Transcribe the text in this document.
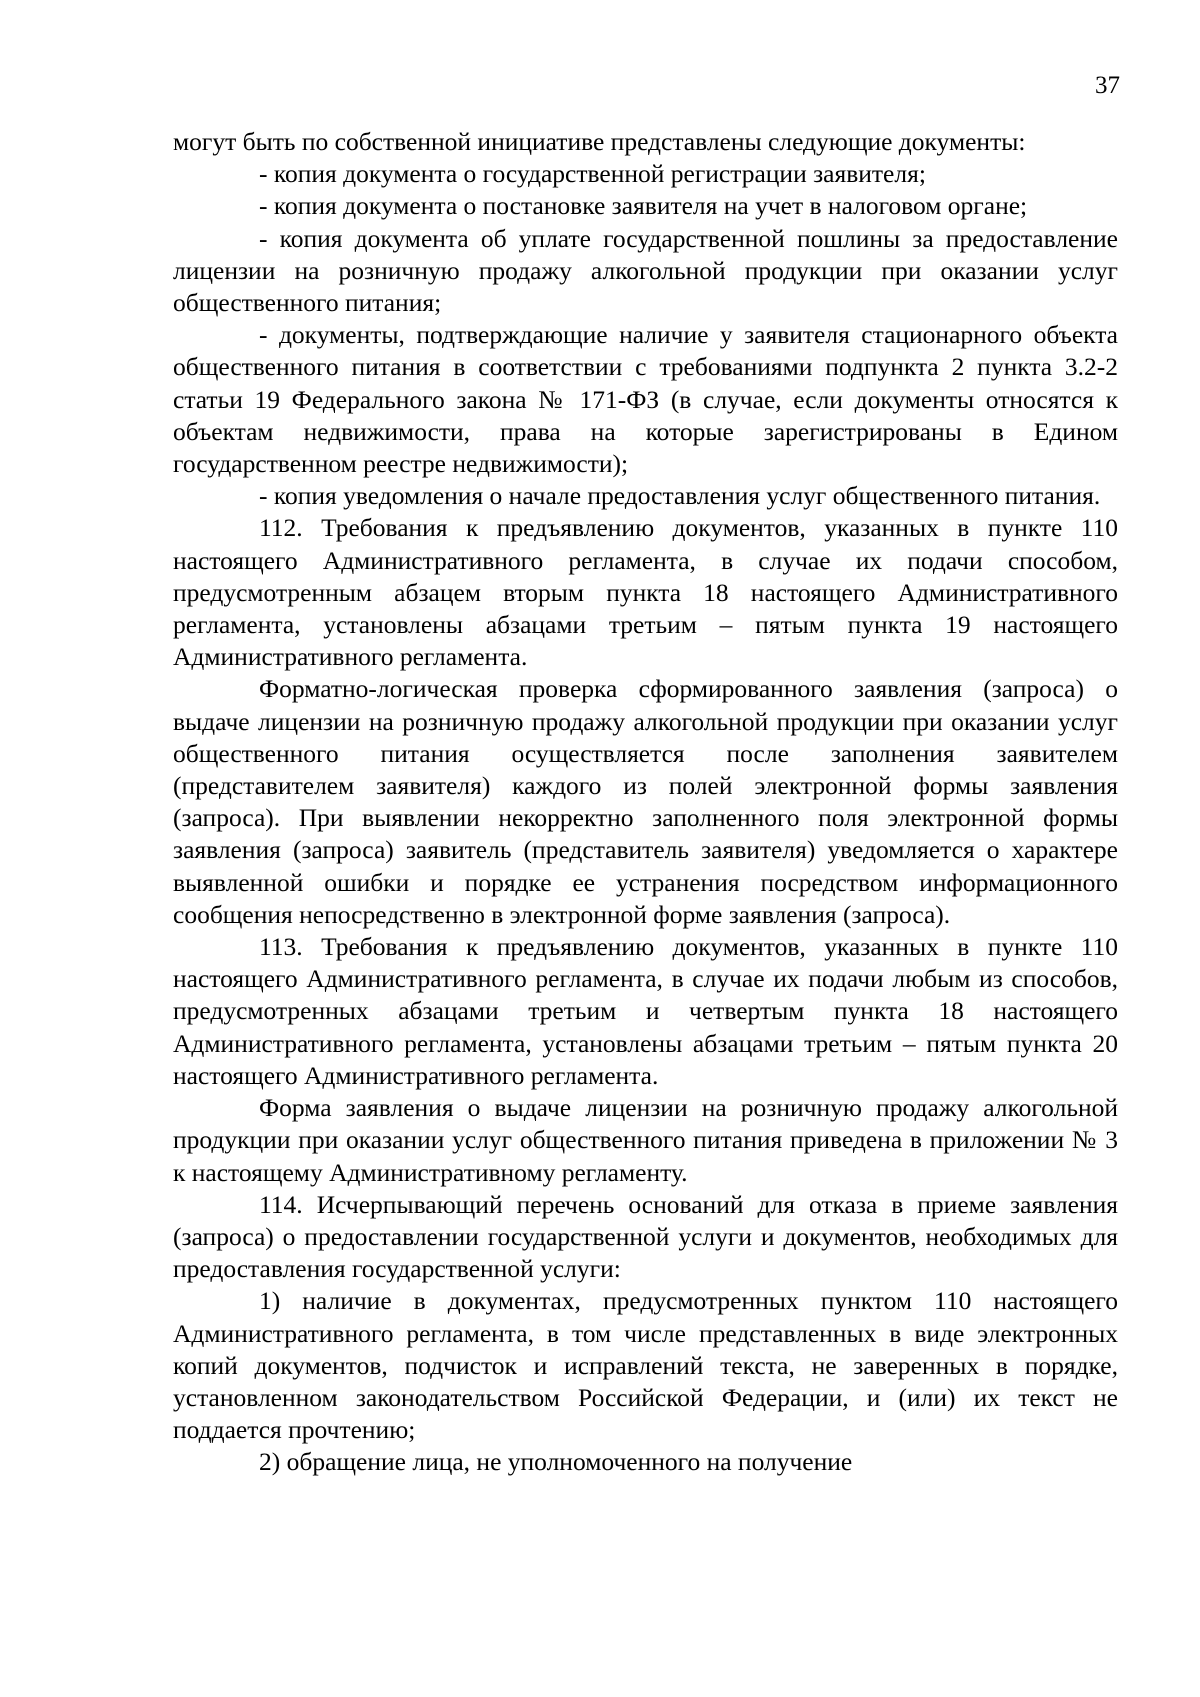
37

могут быть по собственной инициативе представлены следующие документы:

- копия документа о государственной регистрации заявителя;

- копия документа о постановке заявителя на учет в налоговом органе;

- копия документа об уплате государственной пошлины за предоставление лицензии на розничную продажу алкогольной продукции при оказании услуг общественного питания;

- документы, подтверждающие наличие у заявителя стационарного объекта общественного питания в соответствии с требованиями подпункта 2 пункта 3.2-2 статьи 19 Федерального закона № 171-ФЗ (в случае, если документы относятся к объектам недвижимости, права на которые зарегистрированы в Едином государственном реестре недвижимости);

- копия уведомления о начале предоставления услуг общественного питания.

112. Требования к предъявлению документов, указанных в пункте 110 настоящего Административного регламента, в случае их подачи способом, предусмотренным абзацем вторым пункта 18 настоящего Административного регламента, установлены абзацами третьим – пятым пункта 19 настоящего Административного регламента.

Форматно-логическая проверка сформированного заявления (запроса) о выдаче лицензии на розничную продажу алкогольной продукции при оказании услуг общественного питания осуществляется после заполнения заявителем (представителем заявителя) каждого из полей электронной формы заявления (запроса). При выявлении некорректно заполненного поля электронной формы заявления (запроса) заявитель (представитель заявителя) уведомляется о характере выявленной ошибки и порядке ее устранения посредством информационного сообщения непосредственно в электронной форме заявления (запроса).

113. Требования к предъявлению документов, указанных в пункте 110 настоящего Административного регламента, в случае их подачи любым из способов, предусмотренных абзацами третьим и четвертым пункта 18 настоящего Административного регламента, установлены абзацами третьим – пятым пункта 20 настоящего Административного регламента.

Форма заявления о выдаче лицензии на розничную продажу алкогольной продукции при оказании услуг общественного питания приведена в приложении № 3 к настоящему Административному регламенту.

114. Исчерпывающий перечень оснований для отказа в приеме заявления (запроса) о предоставлении государственной услуги и документов, необходимых для предоставления государственной услуги:

1) наличие в документах, предусмотренных пунктом 110 настоящего Административного регламента, в том числе представленных в виде электронных копий документов, подчисток и исправлений текста, не заверенных в порядке, установленном законодательством Российской Федерации, и (или) их текст не поддается прочтению;

2) обращение лица, не уполномоченного на получение
